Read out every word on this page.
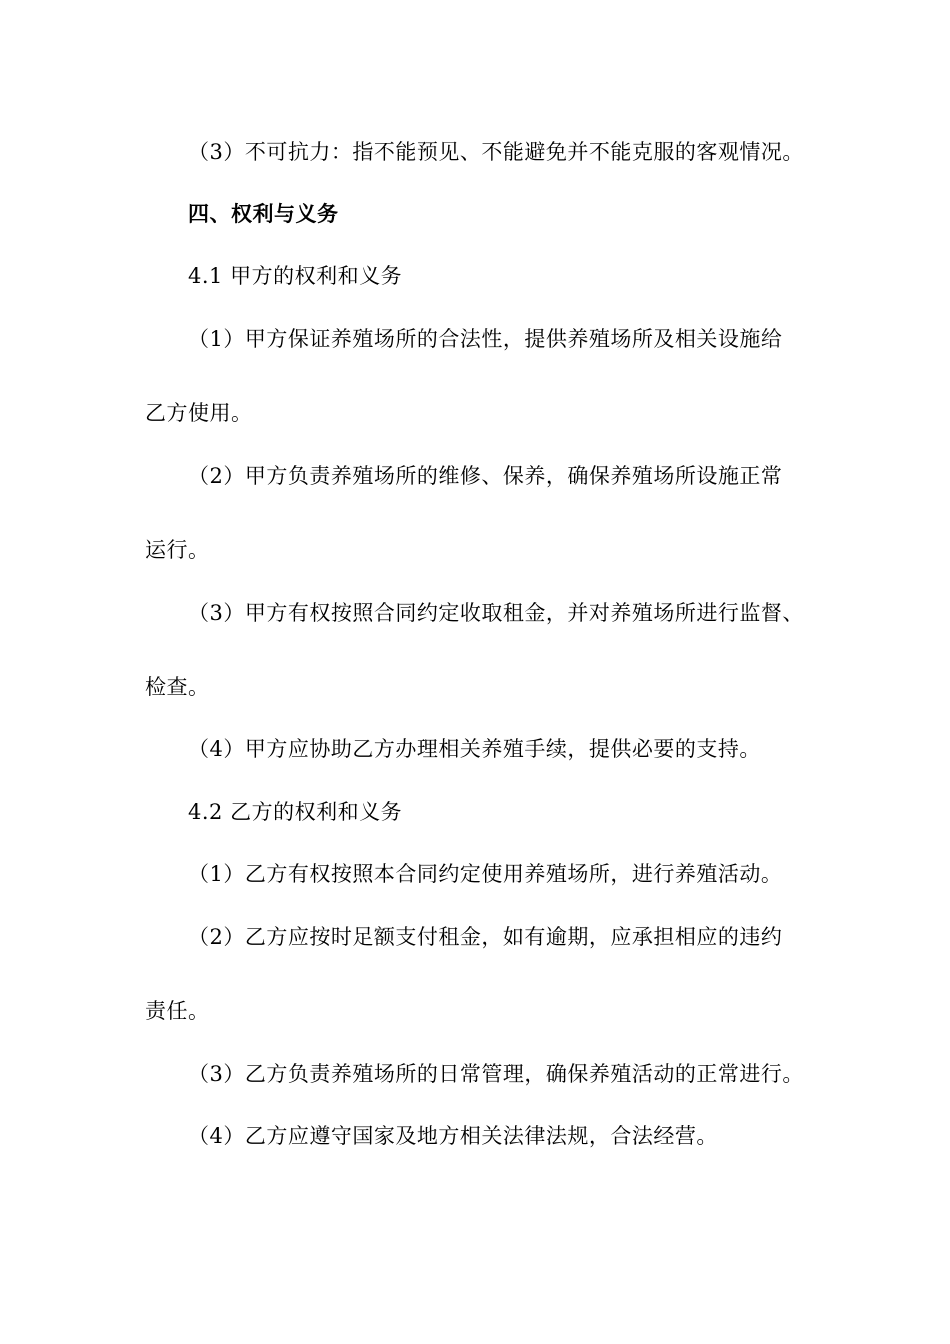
（3）不可抗力：指不能预见、不能避免并不能克服的客观情况。
四、权利与义务
4.1 甲方的权利和义务
（1）甲方保证养殖场所的合法性，提供养殖场所及相关设施给
乙方使用。
（2）甲方负责养殖场所的维修、保养，确保养殖场所设施正常
运行。
（3）甲方有权按照合同约定收取租金，并对养殖场所进行监督、
检查。
（4）甲方应协助乙方办理相关养殖手续，提供必要的支持。
4.2 乙方的权利和义务
（1）乙方有权按照本合同约定使用养殖场所，进行养殖活动。
（2）乙方应按时足额支付租金，如有逾期，应承担相应的违约
责任。
（3）乙方负责养殖场所的日常管理，确保养殖活动的正常进行。
（4）乙方应遵守国家及地方相关法律法规，合法经营。
